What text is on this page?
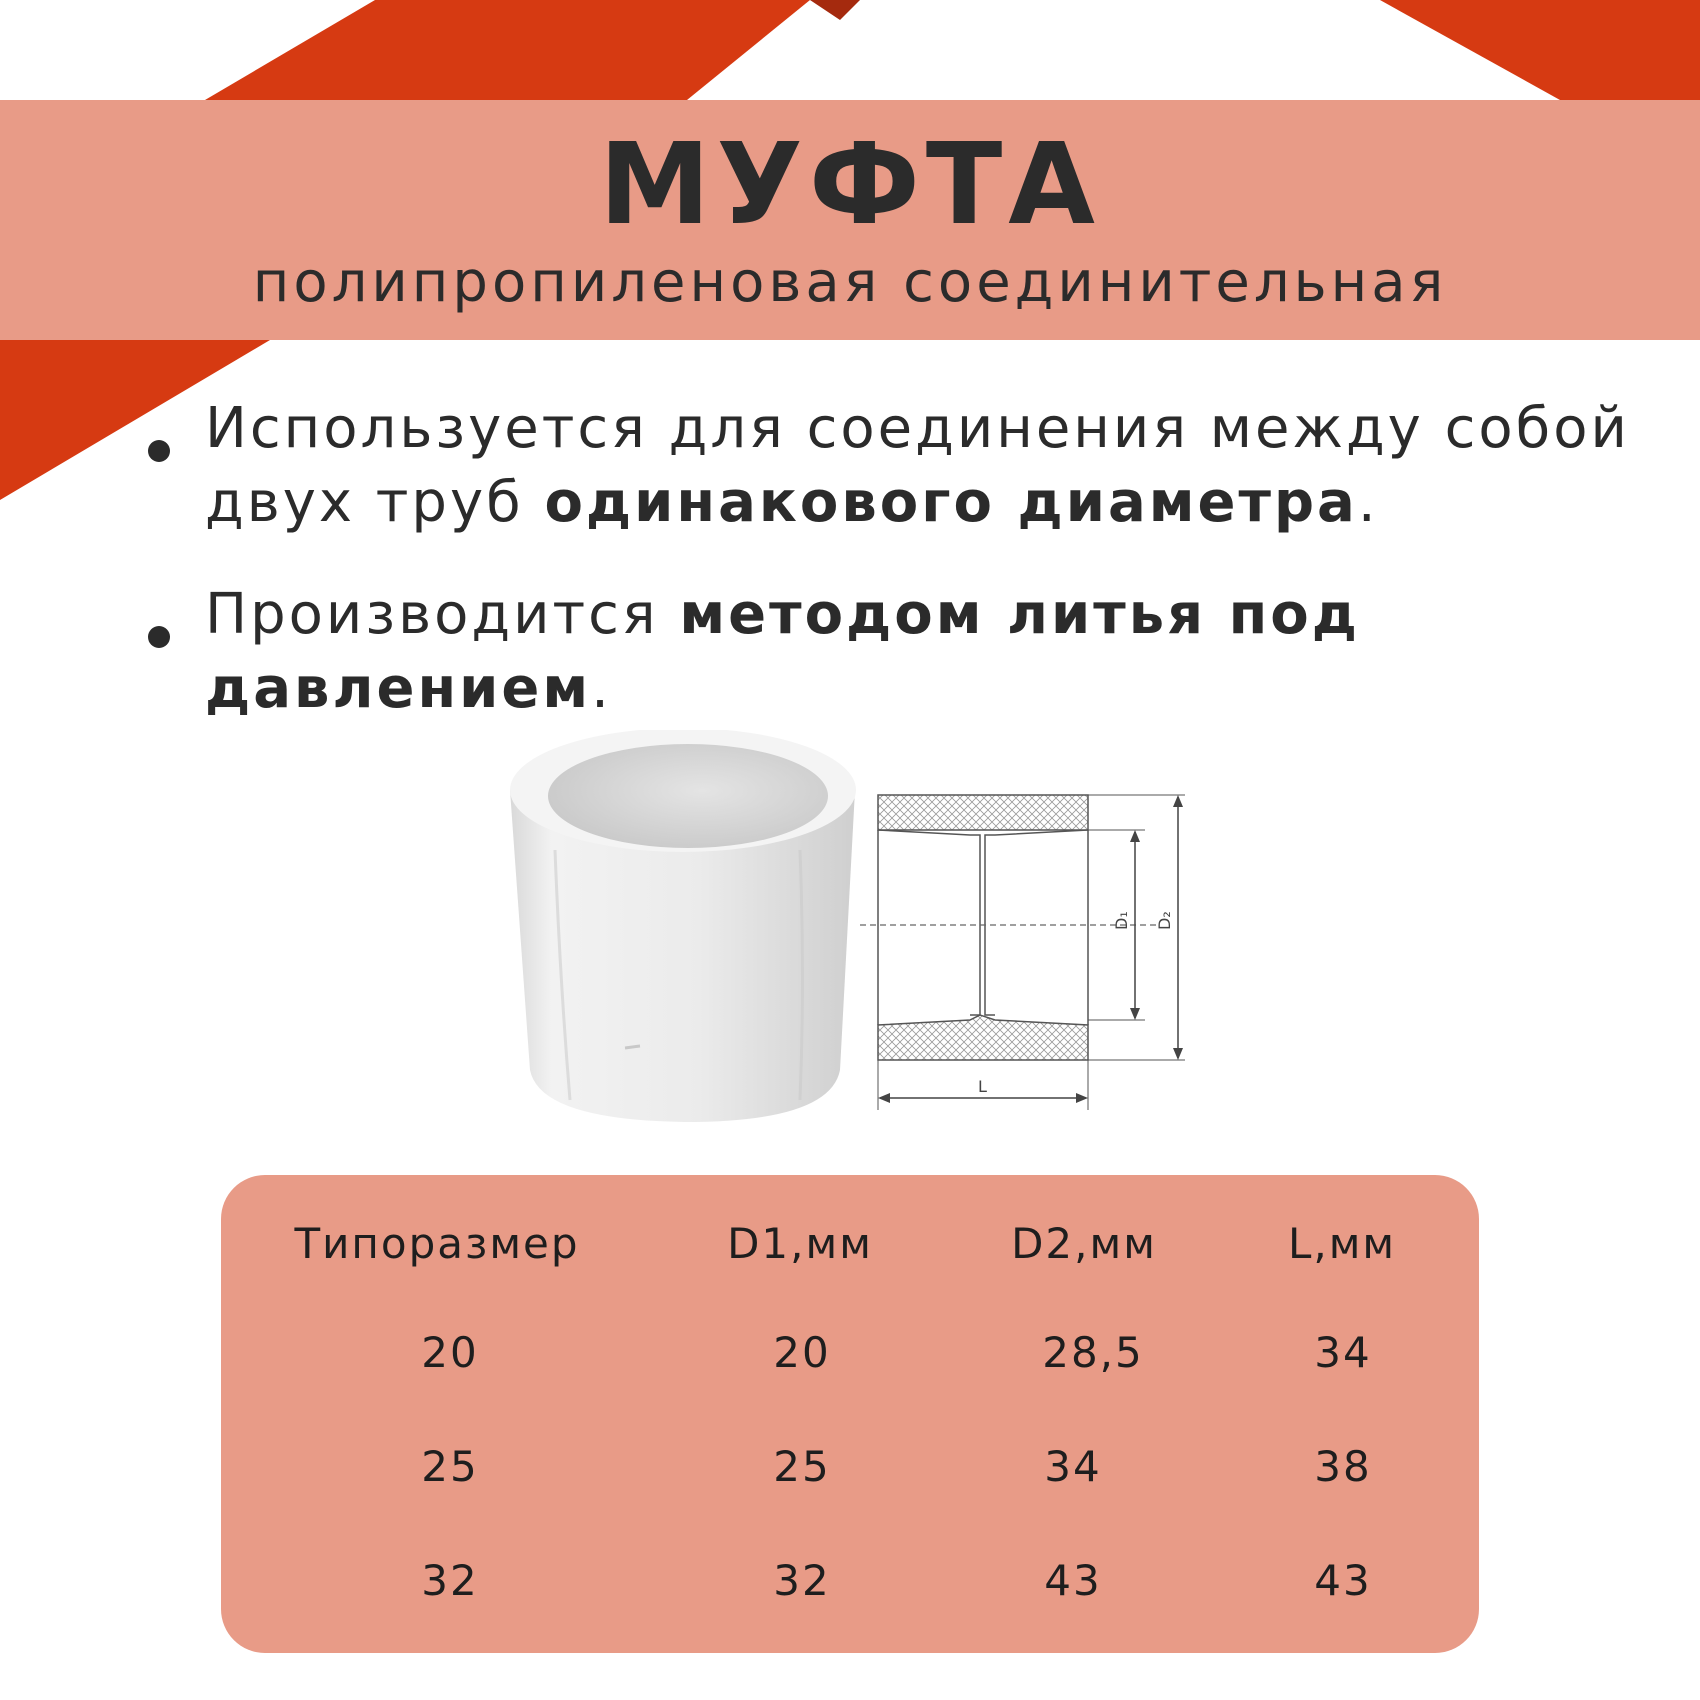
МУФТА
полипропиленовая соединительная
Используется для соединения между собой двух труб одинакового диаметра.
Производится методом литья под давлением.
D₁ D₂
L
Типоразмер	D1,мм	D2,мм	L,мм
20	20	28,5	34
25	25	34	38
32	32	43	43
